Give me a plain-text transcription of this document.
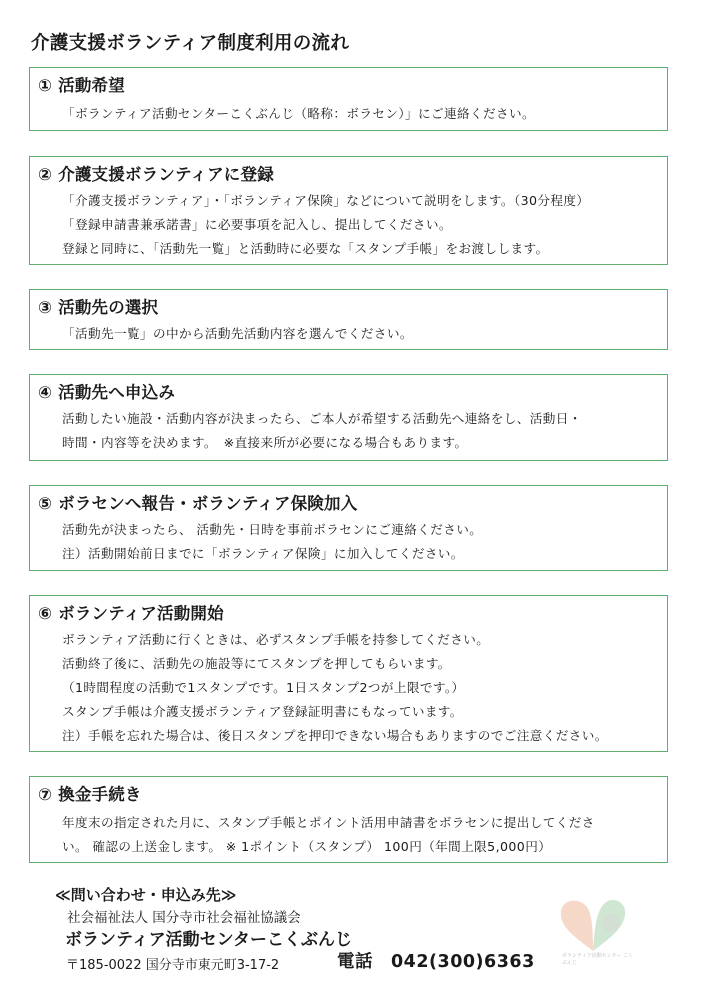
介護支援ボランティア制度利用の流れ
① 活動希望
「ボランティア活動センターこくぶんじ（略称：ボラセン）」にご連絡ください。
② 介護支援ボランティアに登録
「介護支援ボランティア」・「ボランティア保険」などについて説明をします。（30分程度）
「登録申請書兼承諾書」に必要事項を記入し、提出してください。
登録と同時に、「活動先一覧」と活動時に必要な「スタンプ手帳」をお渡しします。
③ 活動先の選択
「活動先一覧」の中から活動先活動内容を選んでください。
④ 活動先へ申込み
活動したい施設・活動内容が決まったら、ご本人が希望する活動先へ連絡をし、活動日・
時間・内容等を決めます。　※直接来所が必要になる場合もあります。
⑤ ボラセンへ報告・ボランティア保険加入
活動先が決まったら、 活動先・日時を事前ボラセンにご連絡ください。
注）活動開始前日までに「ボランティア保険」に加入してください。
⑥ ボランティア活動開始
ボランティア活動に行くときは、必ずスタンプ手帳を持参してください。
活動終了後に、活動先の施設等にてスタンプを押してもらいます。
（1時間程度の活動で1スタンプです。1日スタンプ2つが上限です。）
スタンプ手帳は介護支援ボランティア登録証明書にもなっています。
注）手帳を忘れた場合は、後日スタンプを押印できない場合もありますのでご注意ください。
⑦ 換金手続き
年度末の指定された月に、スタンプ手帳とポイント活用申請書をボラセンに提出してくださ
い。 確認の上送金します。 ※ 1ポイント（スタンプ） 100円（年間上限5,000円）
≪問い合わせ・申込み先≫
社会福祉法人 国分寺市社会福祉協議会
ボランティア活動センターこくぶんじ
〒185-0022 国分寺市東元町3-17-2	電話　042(300)6363	ボランティア活動センター こくぶんじ
